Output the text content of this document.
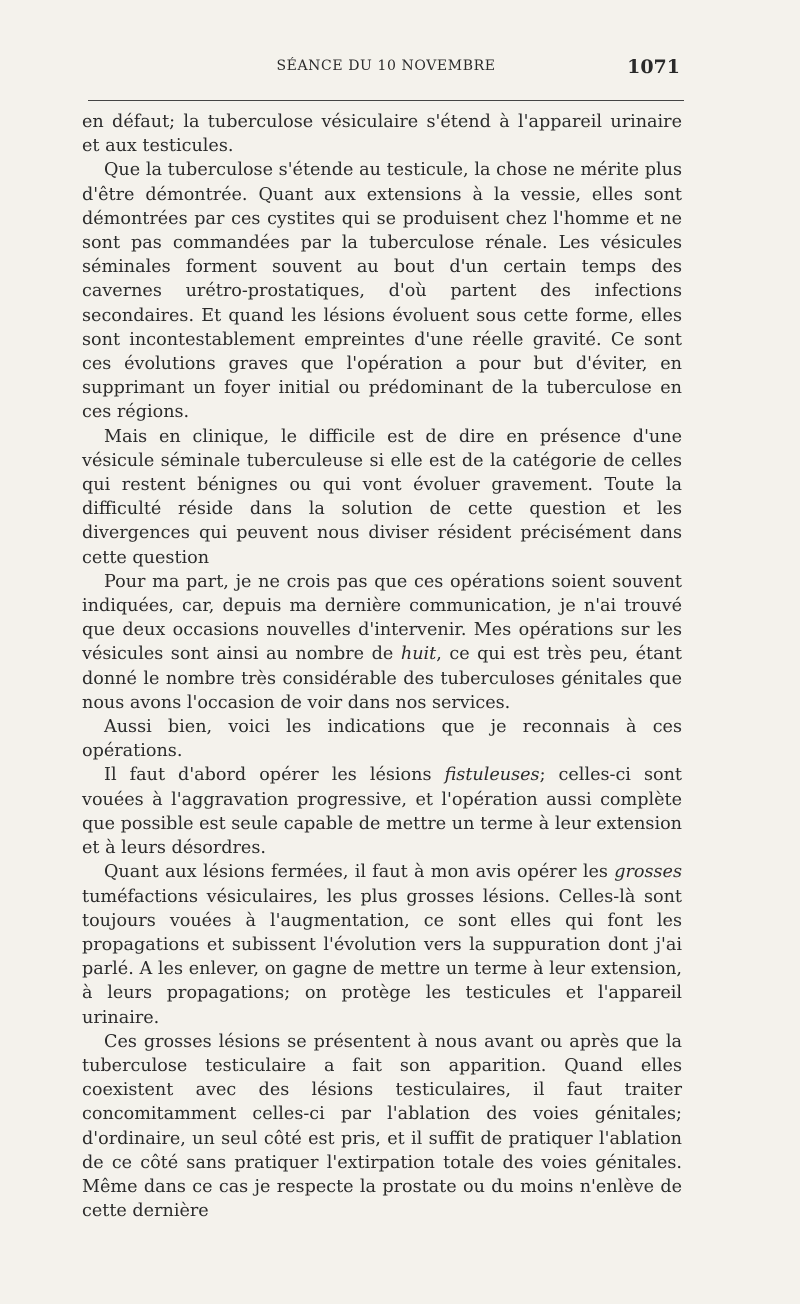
SÉANCE DU 10 NOVEMBRE	1071

en défaut; la tuberculose vésiculaire s'étend à l'appareil urinaire et aux testicules.

Que la tuberculose s'étende au testicule, la chose ne mérite plus d'être démontrée. Quant aux extensions à la vessie, elles sont démontrées par ces cystites qui se produisent chez l'homme et ne sont pas commandées par la tuberculose rénale. Les vésicules séminales forment souvent au bout d'un certain temps des cavernes urétro-prostatiques, d'où partent des infections secondaires. Et quand les lésions évoluent sous cette forme, elles sont incontestablement empreintes d'une réelle gravité. Ce sont ces évolutions graves que l'opération a pour but d'éviter, en supprimant un foyer initial ou prédominant de la tuberculose en ces régions.

Mais en clinique, le difficile est de dire en présence d'une vésicule séminale tuberculeuse si elle est de la catégorie de celles qui restent bénignes ou qui vont évoluer gravement. Toute la difficulté réside dans la solution de cette question et les divergences qui peuvent nous diviser résident précisément dans cette question

Pour ma part, je ne crois pas que ces opérations soient souvent indiquées, car, depuis ma dernière communication, je n'ai trouvé que deux occasions nouvelles d'intervenir. Mes opérations sur les vésicules sont ainsi au nombre de huit, ce qui est très peu, étant donné le nombre très considérable des tuberculoses génitales que nous avons l'occasion de voir dans nos services.

Aussi bien, voici les indications que je reconnais à ces opérations.

Il faut d'abord opérer les lésions fistuleuses; celles-ci sont vouées à l'aggravation progressive, et l'opération aussi complète que possible est seule capable de mettre un terme à leur extension et à leurs désordres.

Quant aux lésions fermées, il faut à mon avis opérer les grosses tuméfactions vésiculaires, les plus grosses lésions. Celles-là sont toujours vouées à l'augmentation, ce sont elles qui font les propagations et subissent l'évolution vers la suppuration dont j'ai parlé. A les enlever, on gagne de mettre un terme à leur extension, à leurs propagations; on protège les testicules et l'appareil urinaire.

Ces grosses lésions se présentent à nous avant ou après que la tuberculose testiculaire a fait son apparition. Quand elles coexistent avec des lésions testiculaires, il faut traiter concomitamment celles-ci par l'ablation des voies génitales; d'ordinaire, un seul côté est pris, et il suffit de pratiquer l'ablation de ce côté sans pratiquer l'extirpation totale des voies génitales. Même dans ce cas je respecte la prostate ou du moins n'enlève de cette dernière
